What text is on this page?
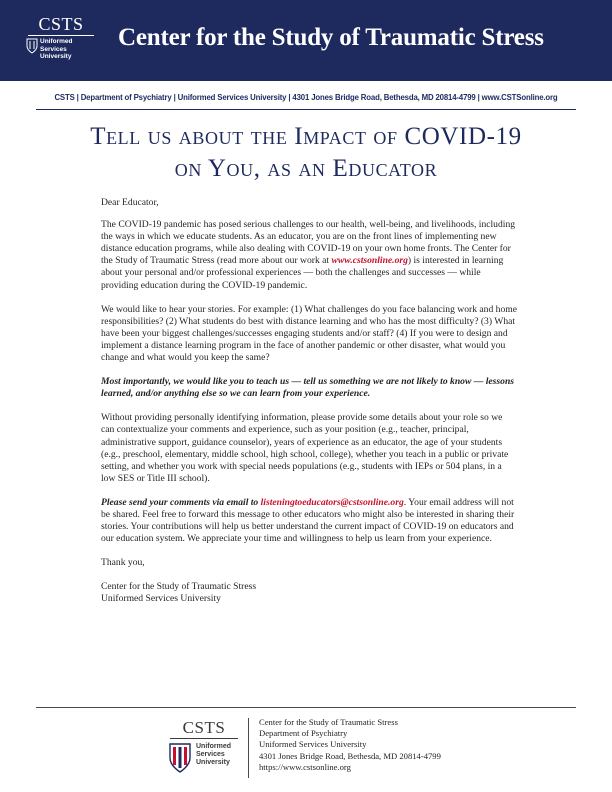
CSTS
Uniformed
Services
University
Center for the Study of Traumatic Stress
CSTS | Department of Psychiatry | Uniformed Services University | 4301 Jones Bridge Road, Bethesda, MD 20814-4799 | www.CSTSonline.org
Tell us about the Impact of COVID-19
on You, as an Educator

Dear Educator,

The COVID-19 pandemic has posed serious challenges to our health, well-being, and livelihoods, including the ways in which we educate students. As an educator, you are on the front lines of implementing new distance education programs, while also dealing with COVID-19 on your own home fronts. The Center for the Study of Traumatic Stress (read more about our work at www.cstsonline.org) is interested in learning about your personal and/or professional experiences — both the challenges and successes — while providing education during the COVID-19 pandemic.

We would like to hear your stories. For example: (1) What challenges do you face balancing work and home responsibilities? (2) What students do best with distance learning and who has the most difficulty? (3) What have been your biggest challenges/successes engaging students and/or staff? (4) If you were to design and implement a distance learning program in the face of another pandemic or other disaster, what would you change and what would you keep the same?

Most importantly, we would like you to teach us — tell us something we are not likely to know — lessons learned, and/or anything else so we can learn from your experience.

Without providing personally identifying information, please provide some details about your role so we can contextualize your comments and experience, such as your position (e.g., teacher, principal, administrative support, guidance counselor), years of experience as an educator, the age of your students (e.g., preschool, elementary, middle school, high school, college), whether you teach in a public or private setting, and whether you work with special needs populations (e.g., students with IEPs or 504 plans, in a low SES or Title III school).

Please send your comments via email to listeningtoeducators@cstsonline.org. Your email address will not be shared. Feel free to forward this message to other educators who might also be interested in sharing their stories. Your contributions will help us better understand the current impact of COVID-19 on educators and our education system. We appreciate your time and willingness to help us learn from your experience.

Thank you,

Center for the Study of Traumatic Stress
Uniformed Services University

CSTS
Uniformed
Services
University
Center for the Study of Traumatic Stress
Department of Psychiatry
Uniformed Services University
4301 Jones Bridge Road, Bethesda, MD 20814-4799
https://www.cstsonline.org
